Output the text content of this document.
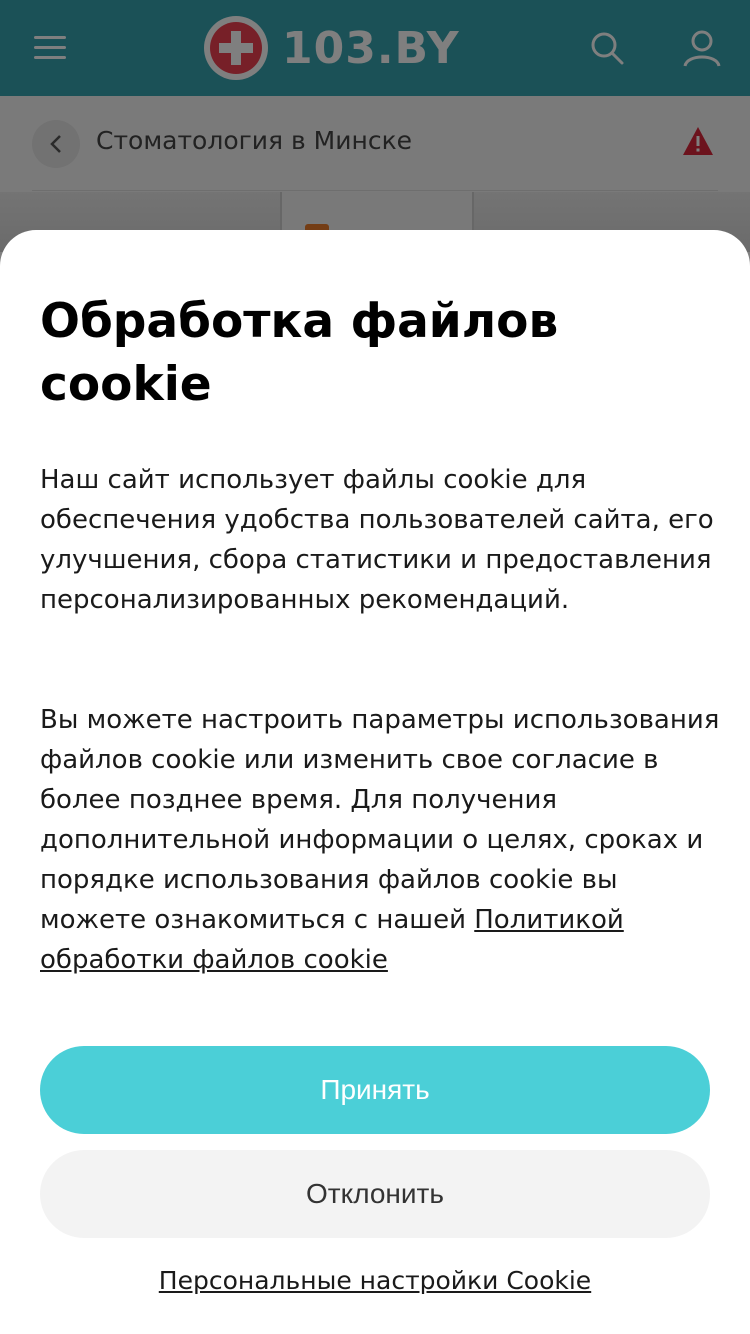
Обработка файлов cookie

Наш сайт использует файлы cookie для обеспечения удобства пользователей сайта, его улучшения, сбора статистики и предоставления персонализированных рекомендаций.

Вы можете настроить параметры использования файлов cookie или изменить свое согласие в более позднее время. Для получения дополнительной информации о целях, сроках и порядке использования файлов cookie вы можете ознакомиться с нашей Политикой обработки файлов cookie

Принять
Отклонить
Персональные настройки Cookie
